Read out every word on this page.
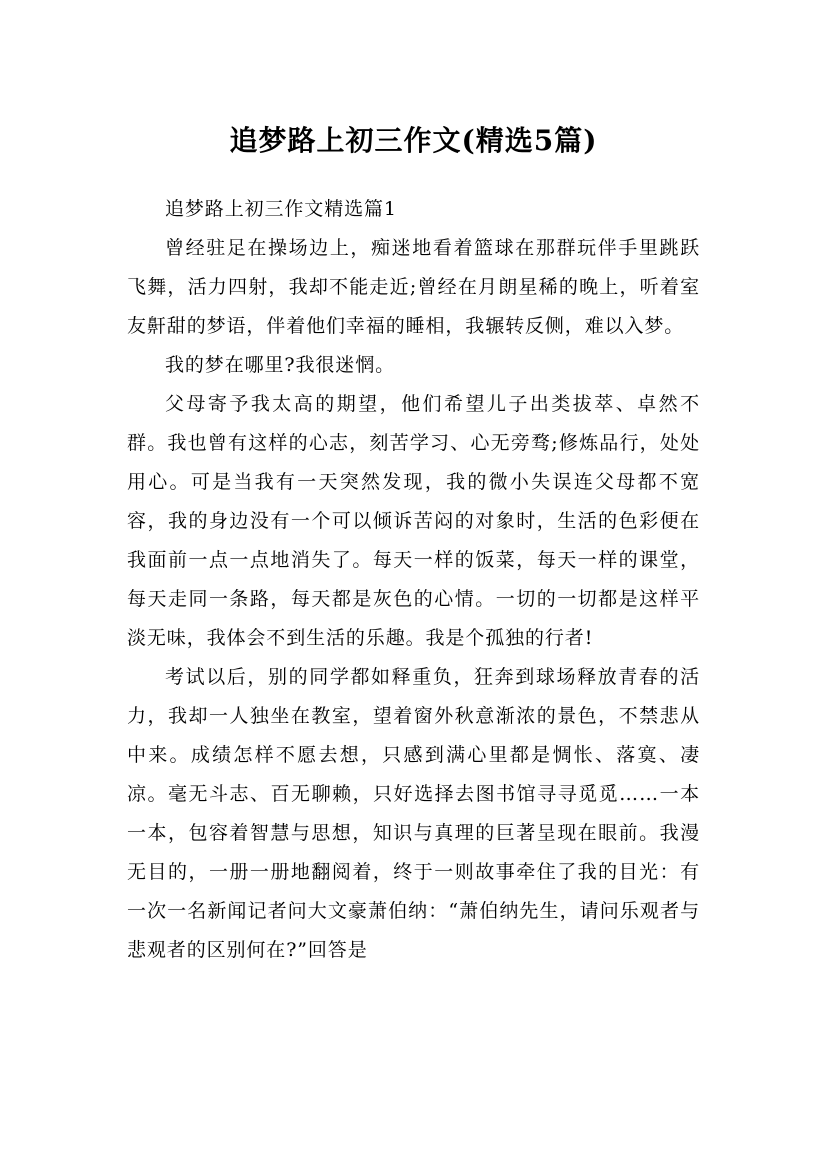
追梦路上初三作文(精选5篇)

追梦路上初三作文精选篇1

曾经驻足在操场边上，痴迷地看着篮球在那群玩伴手里跳跃飞舞，活力四射，我却不能走近;曾经在月朗星稀的晚上，听着室友鼾甜的梦语，伴着他们幸福的睡相，我辗转反侧，难以入梦。

我的梦在哪里?我很迷惘。

父母寄予我太高的期望，他们希望儿子出类拔萃、卓然不群。我也曾有这样的心志，刻苦学习、心无旁骛;修炼品行，处处用心。可是当我有一天突然发现，我的微小失误连父母都不宽容，我的身边没有一个可以倾诉苦闷的对象时，生活的色彩便在我面前一点一点地消失了。每天一样的饭菜，每天一样的课堂，每天走同一条路，每天都是灰色的心情。一切的一切都是这样平淡无味，我体会不到生活的乐趣。我是个孤独的行者!

考试以后，别的同学都如释重负，狂奔到球场释放青春的活力，我却一人独坐在教室，望着窗外秋意渐浓的景色，不禁悲从中来。成绩怎样不愿去想，只感到满心里都是惆怅、落寞、凄凉。毫无斗志、百无聊赖，只好选择去图书馆寻寻觅觅……一本一本，包容着智慧与思想，知识与真理的巨著呈现在眼前。我漫无目的，一册一册地翻阅着，终于一则故事牵住了我的目光：有一次一名新闻记者问大文豪萧伯纳：“萧伯纳先生，请问乐观者与悲观者的区别何在?”回答是
